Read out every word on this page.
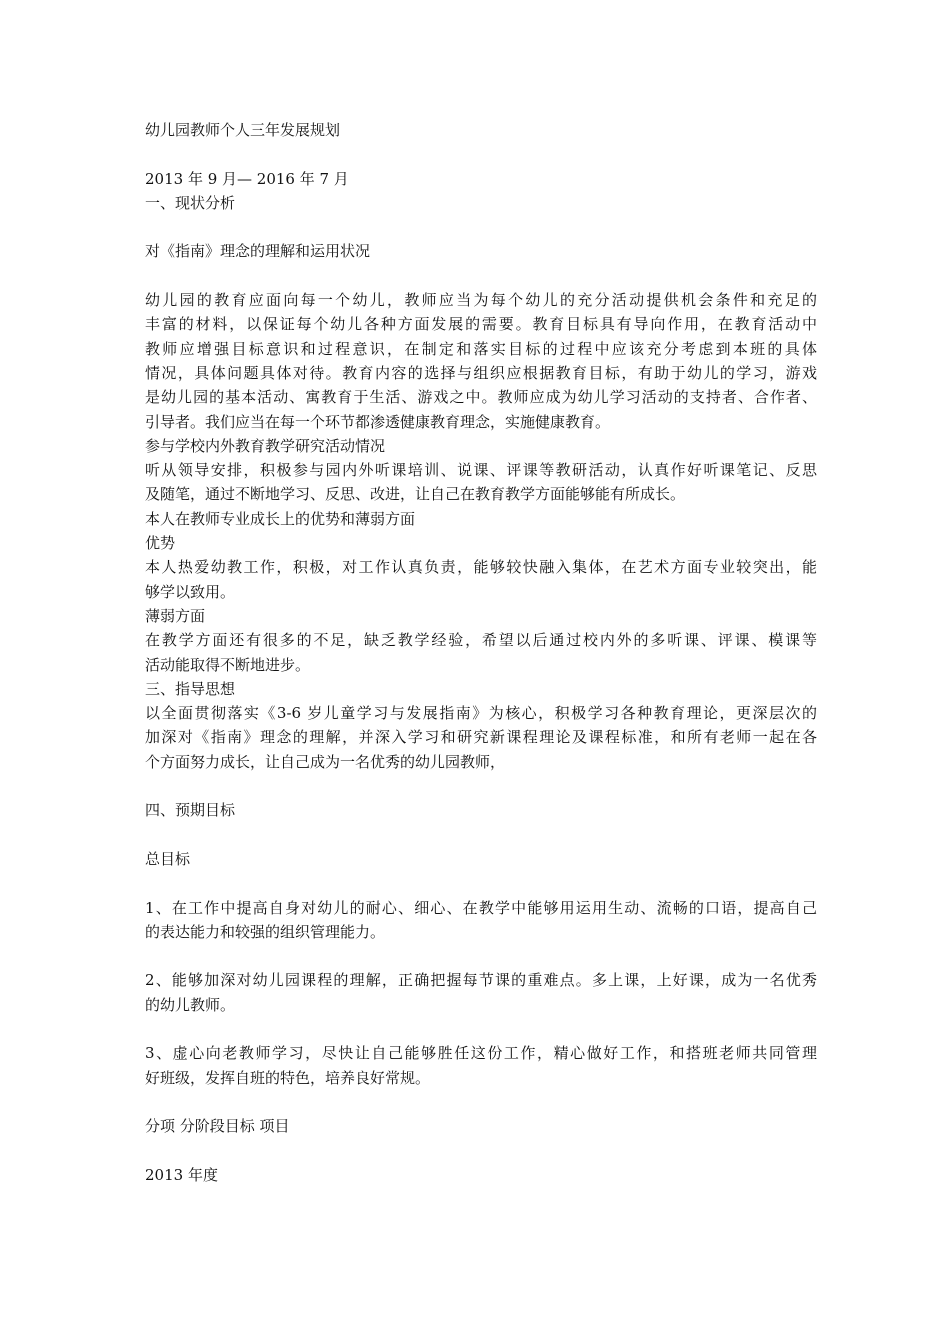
幼儿园教师个人三年发展规划
2013 年 9 月— 2016 年 7 月
一、现状分析
对《指南》理念的理解和运用状况
幼儿园的教育应面向每一个幼儿，教师应当为每个幼儿的充分活动提供机会条件和充足的
丰富的材料，以保证每个幼儿各种方面发展的需要。教育目标具有导向作用，在教育活动中
教师应增强目标意识和过程意识，在制定和落实目标的过程中应该充分考虑到本班的具体
情况，具体问题具体对待。教育内容的选择与组织应根据教育目标，有助于幼儿的学习，游戏
是幼儿园的基本活动、寓教育于生活、游戏之中。教师应成为幼儿学习活动的支持者、合作者、
引导者。我们应当在每一个环节都渗透健康教育理念，实施健康教育。
参与学校内外教育教学研究活动情况
听从领导安排，积极参与园内外听课培训、说课、评课等教研活动，认真作好听课笔记、反思
及随笔，通过不断地学习、反思、改进，让自己在教育教学方面能够能有所成长。
本人在教师专业成长上的优势和薄弱方面
优势
本人热爱幼教工作，积极，对工作认真负责，能够较快融入集体，在艺术方面专业较突出，能
够学以致用。
薄弱方面
在教学方面还有很多的不足，缺乏教学经验，希望以后通过校内外的多听课、评课、模课等
活动能取得不断地进步。
三、指导思想
以全面贯彻落实《3-6 岁儿童学习与发展指南》为核心，积极学习各种教育理论，更深层次的
加深对《指南》理念的理解，并深入学习和研究新课程理论及课程标准，和所有老师一起在各
个方面努力成长，让自己成为一名优秀的幼儿园教师，
四、预期目标
总目标
1、在工作中提高自身对幼儿的耐心、细心、在教学中能够用运用生动、流畅的口语，提高自己
的表达能力和较强的组织管理能力。
2、能够加深对幼儿园课程的理解，正确把握每节课的重难点。多上课，上好课，成为一名优秀
的幼儿教师。
3、虚心向老教师学习，尽快让自己能够胜任这份工作，精心做好工作，和搭班老师共同管理
好班级，发挥自班的特色，培养良好常规。
分项 分阶段目标 项目
2013 年度
